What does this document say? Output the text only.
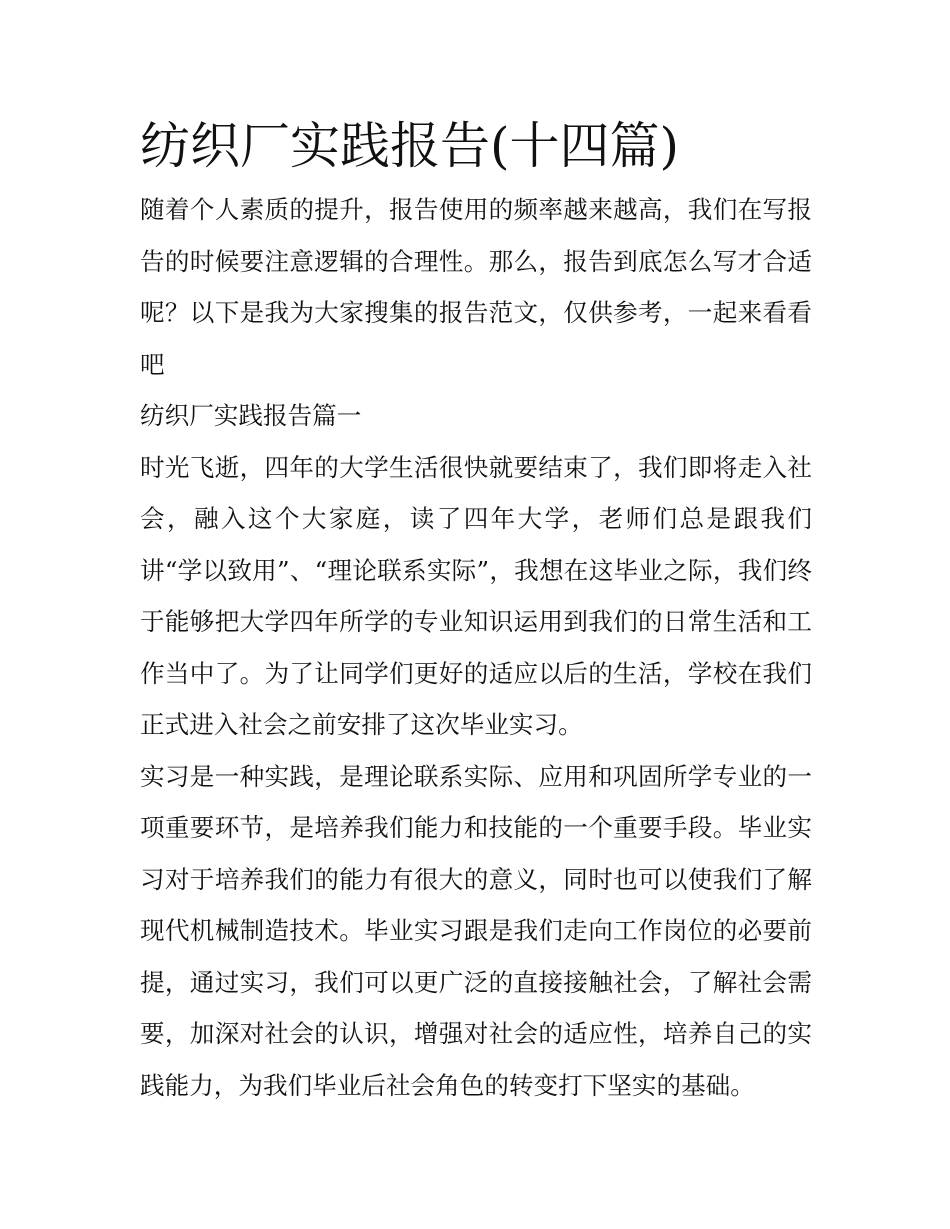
纺织厂实践报告(十四篇)

随着个人素质的提升，报告使用的频率越来越高，我们在写报告的时候要注意逻辑的合理性。那么，报告到底怎么写才合适呢？以下是我为大家搜集的报告范文，仅供参考，一起来看看吧

纺织厂实践报告篇一

时光飞逝，四年的大学生活很快就要结束了，我们即将走入社会，融入这个大家庭，读了四年大学，老师们总是跟我们讲“学以致用”、“理论联系实际”，我想在这毕业之际，我们终于能够把大学四年所学的专业知识运用到我们的日常生活和工作当中了。为了让同学们更好的适应以后的生活，学校在我们正式进入社会之前安排了这次毕业实习。

实习是一种实践，是理论联系实际、应用和巩固所学专业的一项重要环节，是培养我们能力和技能的一个重要手段。毕业实习对于培养我们的能力有很大的意义，同时也可以使我们了解现代机械制造技术。毕业实习跟是我们走向工作岗位的必要前提，通过实习，我们可以更广泛的直接接触社会，了解社会需要，加深对社会的认识，增强对社会的适应性，培养自己的实践能力，为我们毕业后社会角色的转变打下坚实的基础。
